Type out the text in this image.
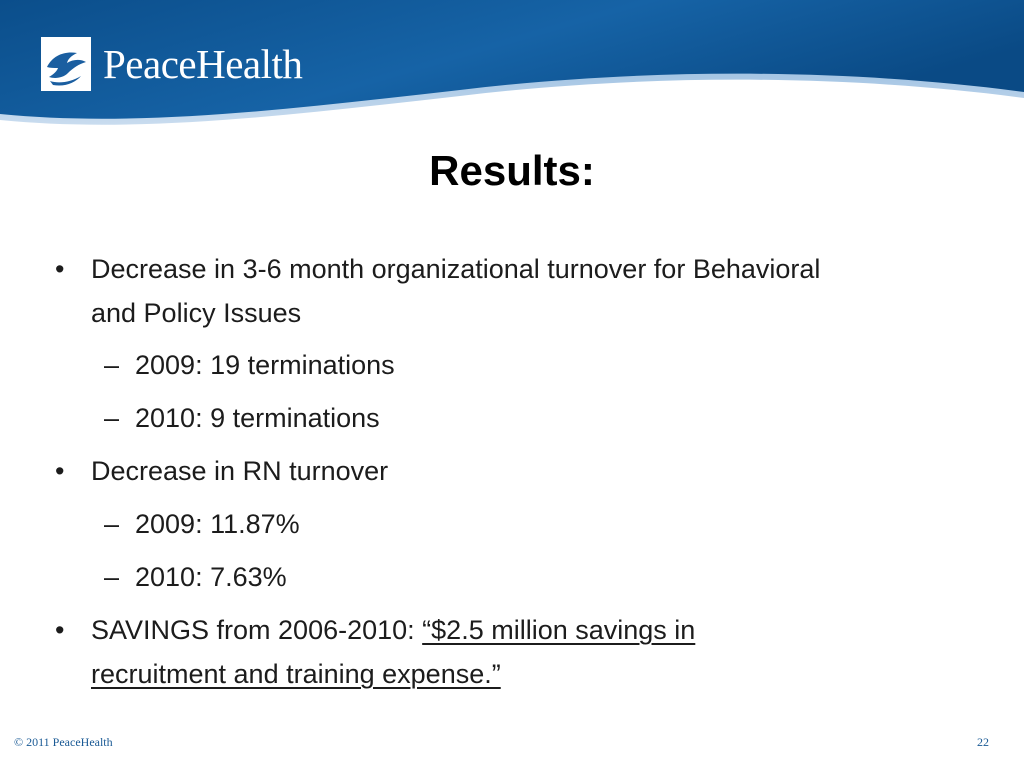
PeaceHealth
Results:
• Decrease in 3-6 month organizational turnover for Behavioral
and Policy Issues
– 2009: 19 terminations
– 2010: 9 terminations
• Decrease in RN turnover
– 2009: 11.87%
– 2010: 7.63%
• SAVINGS from 2006-2010: “$2.5 million savings in
recruitment and training expense.”
© 2011 PeaceHealth	22
